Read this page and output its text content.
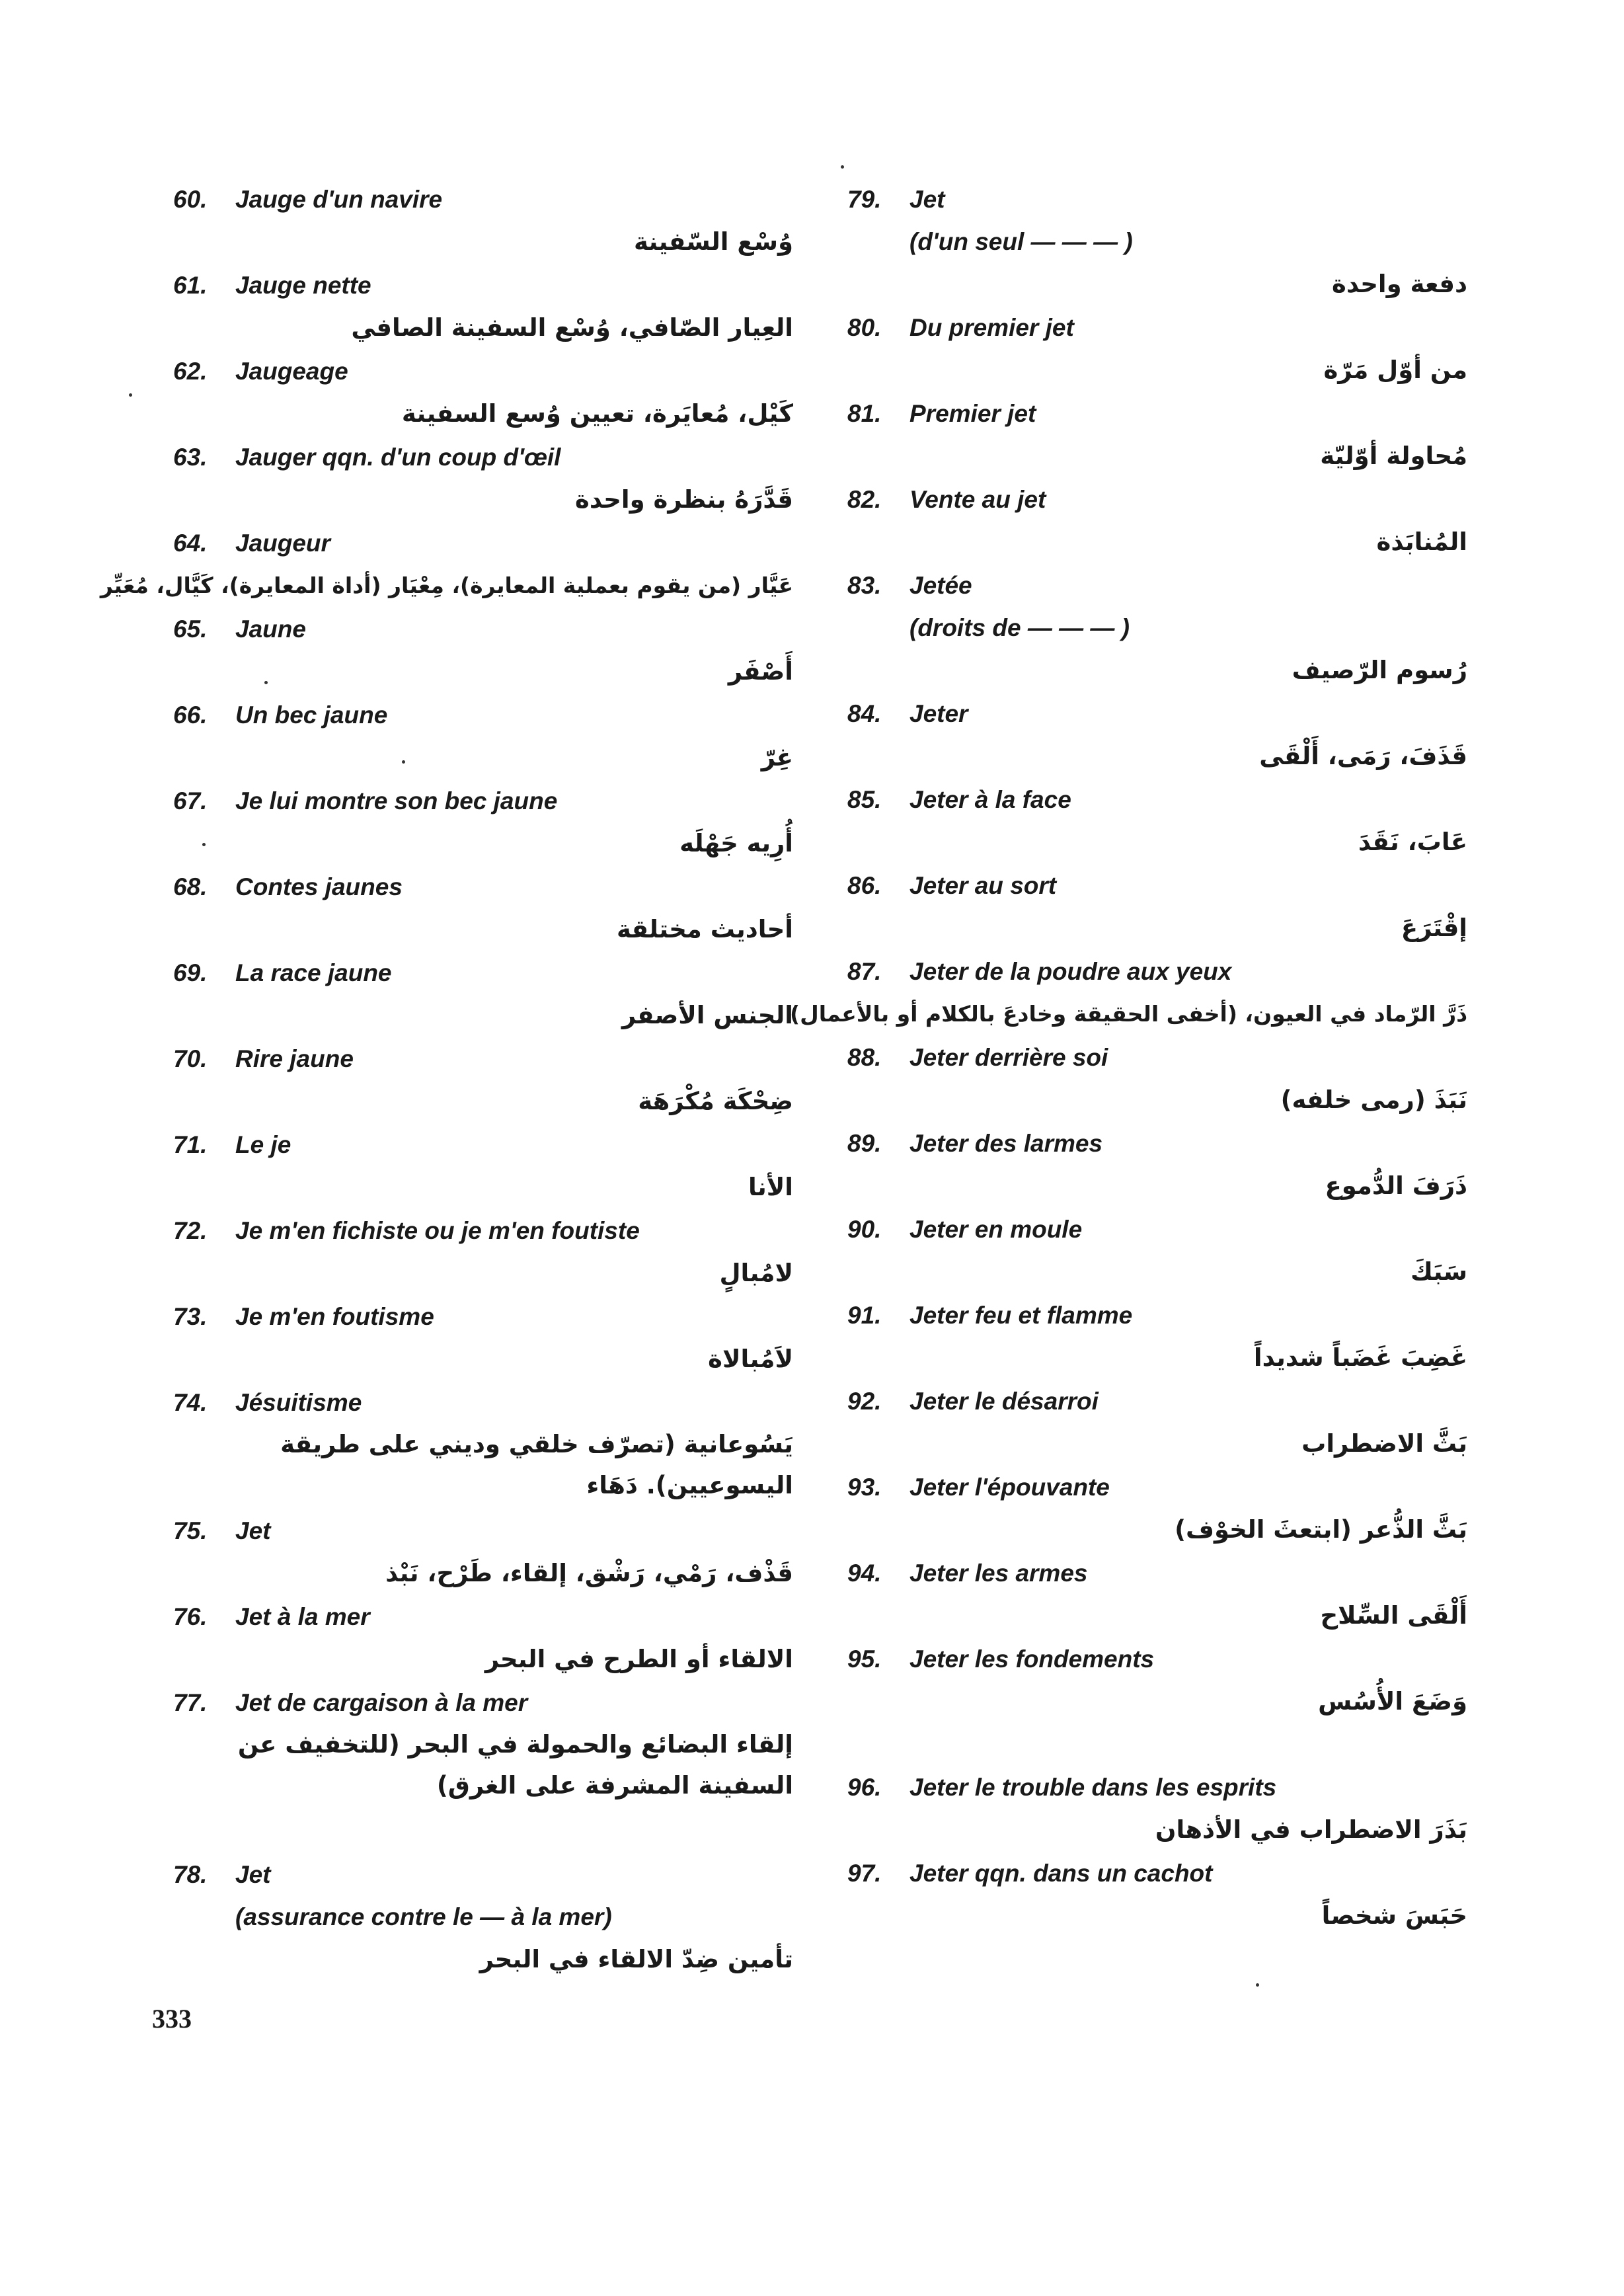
60. Jauge d'un navire
وُسْع السّفينة
61. Jauge nette
العِيار الصّافي، وُسْع السفينة الصافي
62. Jaugeage
كَيْل، مُعايَرة، تعيين وُسع السفينة
63. Jauger qqn. d'un coup d'œil
قَدَّرَهُ بنظرة واحدة
64. Jaugeur
عَيَّار (من يقوم بعملية المعايرة)، مِعْيَار (أداة المعايرة)، كَيَّال، مُعَيِّر
65. Jaune
أَصْفَر
66. Un bec jaune
غِرّ
67. Je lui montre son bec jaune
أُرِيه جَهْلَه
68. Contes jaunes
أحاديث مختلقة
69. La race jaune
الجنس الأصفر
70. Rire jaune
ضِحْكَة مُكْرَهَة
71. Le je
الأنا
72. Je m'en fichiste ou je m'en foutiste
لامُبالٍ
73. Je m'en foutisme
لاَمُبالاة
74. Jésuitisme
يَسُوعانية (تصرّف خلقي وديني على طريقة اليسوعيين). دَهَاء
75. Jet
قَذْف، رَمْي، رَشْق، إلقاء، طَرْح، نَبْذ
76. Jet à la mer
الالقاء أو الطرح في البحر
77. Jet de cargaison à la mer
إلقاء البضائع والحمولة في البحر (للتخفيف عن السفينة المشرفة على الغرق)
78. Jet
(assurance contre le — à la mer)
تأمين ضِدّ الالقاء في البحر
79. Jet
(d'un seul — — — )
دفعة واحدة
80. Du premier jet
من أوّل مَرّة
81. Premier jet
مُحاولة أوّليّة
82. Vente au jet
المُنابَذة
83. Jetée
(droits de — — — )
رُسوم الرّصيف
84. Jeter
قَذَفَ، رَمَى، أَلْقَى
85. Jeter à la face
عَابَ، نَقَدَ
86. Jeter au sort
إقْتَرَعَ
87. Jeter de la poudre aux yeux
ذَرَّ الرّماد في العيون، (أخفى الحقيقة وخادعَ بالكلام أو بالأعمال)
88. Jeter derrière soi
نَبَذَ (رمى خلفه)
89. Jeter des larmes
ذَرَفَ الدُّموع
90. Jeter en moule
سَبَكَ
91. Jeter feu et flamme
غَضِبَ غَضَباً شديداً
92. Jeter le désarroi
بَثَّ الاضطراب
93. Jeter l'épouvante
بَثَّ الذُّعر (ابتعثَ الخوْف)
94. Jeter les armes
أَلْقَى السِّلاح
95. Jeter les fondements
وَضَعَ الأُسُس
96. Jeter le trouble dans les esprits
بَذَرَ الاضطراب في الأذهان
97. Jeter qqn. dans un cachot
حَبَسَ شخصاً
333
